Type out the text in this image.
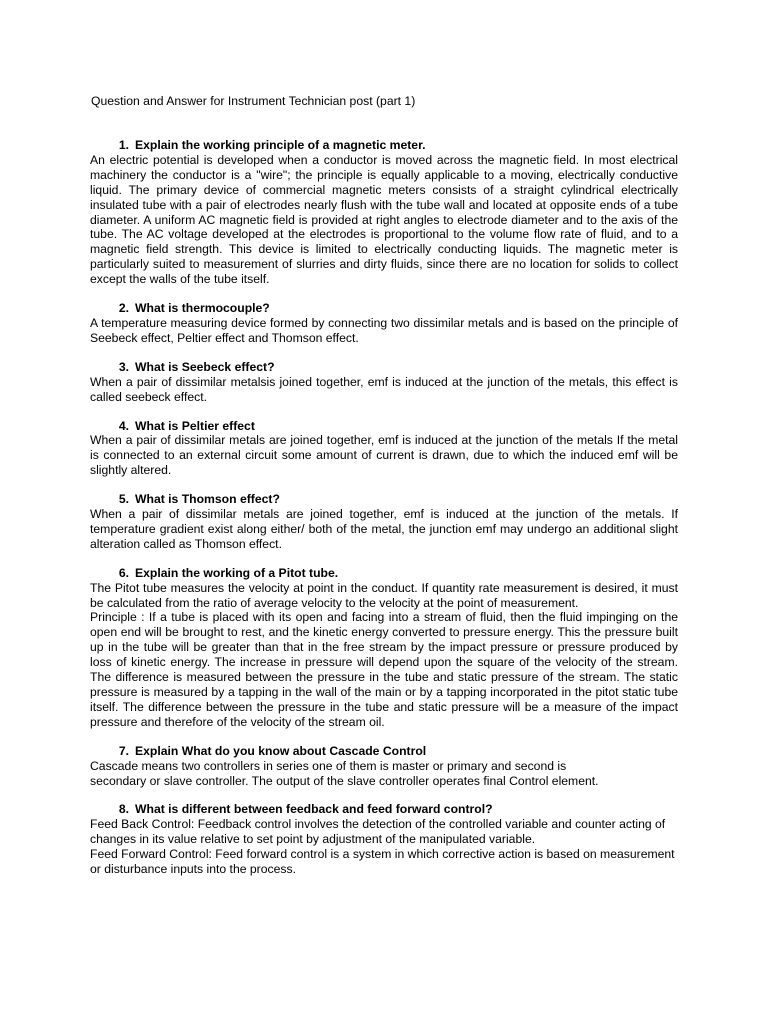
Question and Answer for Instrument Technician post (part 1)
1. Explain the working principle of a magnetic meter.

An electric potential is developed when a conductor is moved across the magnetic field. In most electrical machinery the conductor is a "wire"; the principle is equally applicable to a moving, electrically conductive liquid. The primary device of commercial magnetic meters consists of a straight cylindrical electrically insulated tube with a pair of electrodes nearly flush with the tube wall and located at opposite ends of a tube diameter. A uniform AC magnetic field is provided at right angles to electrode diameter and to the axis of the tube. The AC voltage developed at the electrodes is proportional to the volume flow rate of fluid, and to a magnetic field strength. This device is limited to electrically conducting liquids. The magnetic meter is particularly suited to measurement of slurries and dirty fluids, since there are no location for solids to collect except the walls of the tube itself.

2. What is thermocouple?

A temperature measuring device formed by connecting two dissimilar metals and is based on the principle of Seebeck effect, Peltier effect and Thomson effect.

3. What is Seebeck effect?

When a pair of dissimilar metalsis joined together, emf is induced at the junction of the metals, this effect is called seebeck effect.

4. What is Peltier effect

When a pair of dissimilar metals are joined together, emf is induced at the junction of the metals If the metal is connected to an external circuit some amount of current is drawn, due to which the induced emf will be slightly altered.

5. What is Thomson effect?

When a pair of dissimilar metals are joined together, emf is induced at the junction of the metals. If temperature gradient exist along either/ both of the metal, the junction emf may undergo an additional slight alteration called as Thomson effect.

6. Explain the working of a Pitot tube.

The Pitot tube measures the velocity at point in the conduct. If quantity rate measurement is desired, it must be calculated from the ratio of average velocity to the velocity at the point of measurement.

Principle : If a tube is placed with its open and facing into a stream of fluid, then the fluid impinging on the open end will be brought to rest, and the kinetic energy converted to pressure energy. This the pressure built up in the tube will be greater than that in the free stream by the impact pressure or pressure produced by loss of kinetic energy. The increase in pressure will depend upon the square of the velocity of the stream. The difference is measured between the pressure in the tube and static pressure of the stream. The static pressure is measured by a tapping in the wall of the main or by a tapping incorporated in the pitot static tube itself. The difference between the pressure in the tube and static pressure will be a measure of the impact pressure and therefore of the velocity of the stream oil.

7. Explain What do you know about Cascade Control

Cascade means two controllers in series one of them is master or primary and second is

secondary or slave controller. The output of the slave controller operates final Control element.

8. What is different between feedback and feed forward control?

Feed Back Control: Feedback control involves the detection of the controlled variable and counter acting of changes in its value relative to set point by adjustment of the manipulated variable.

Feed Forward Control: Feed forward control is a system in which corrective action is based on measurement or disturbance inputs into the process.
